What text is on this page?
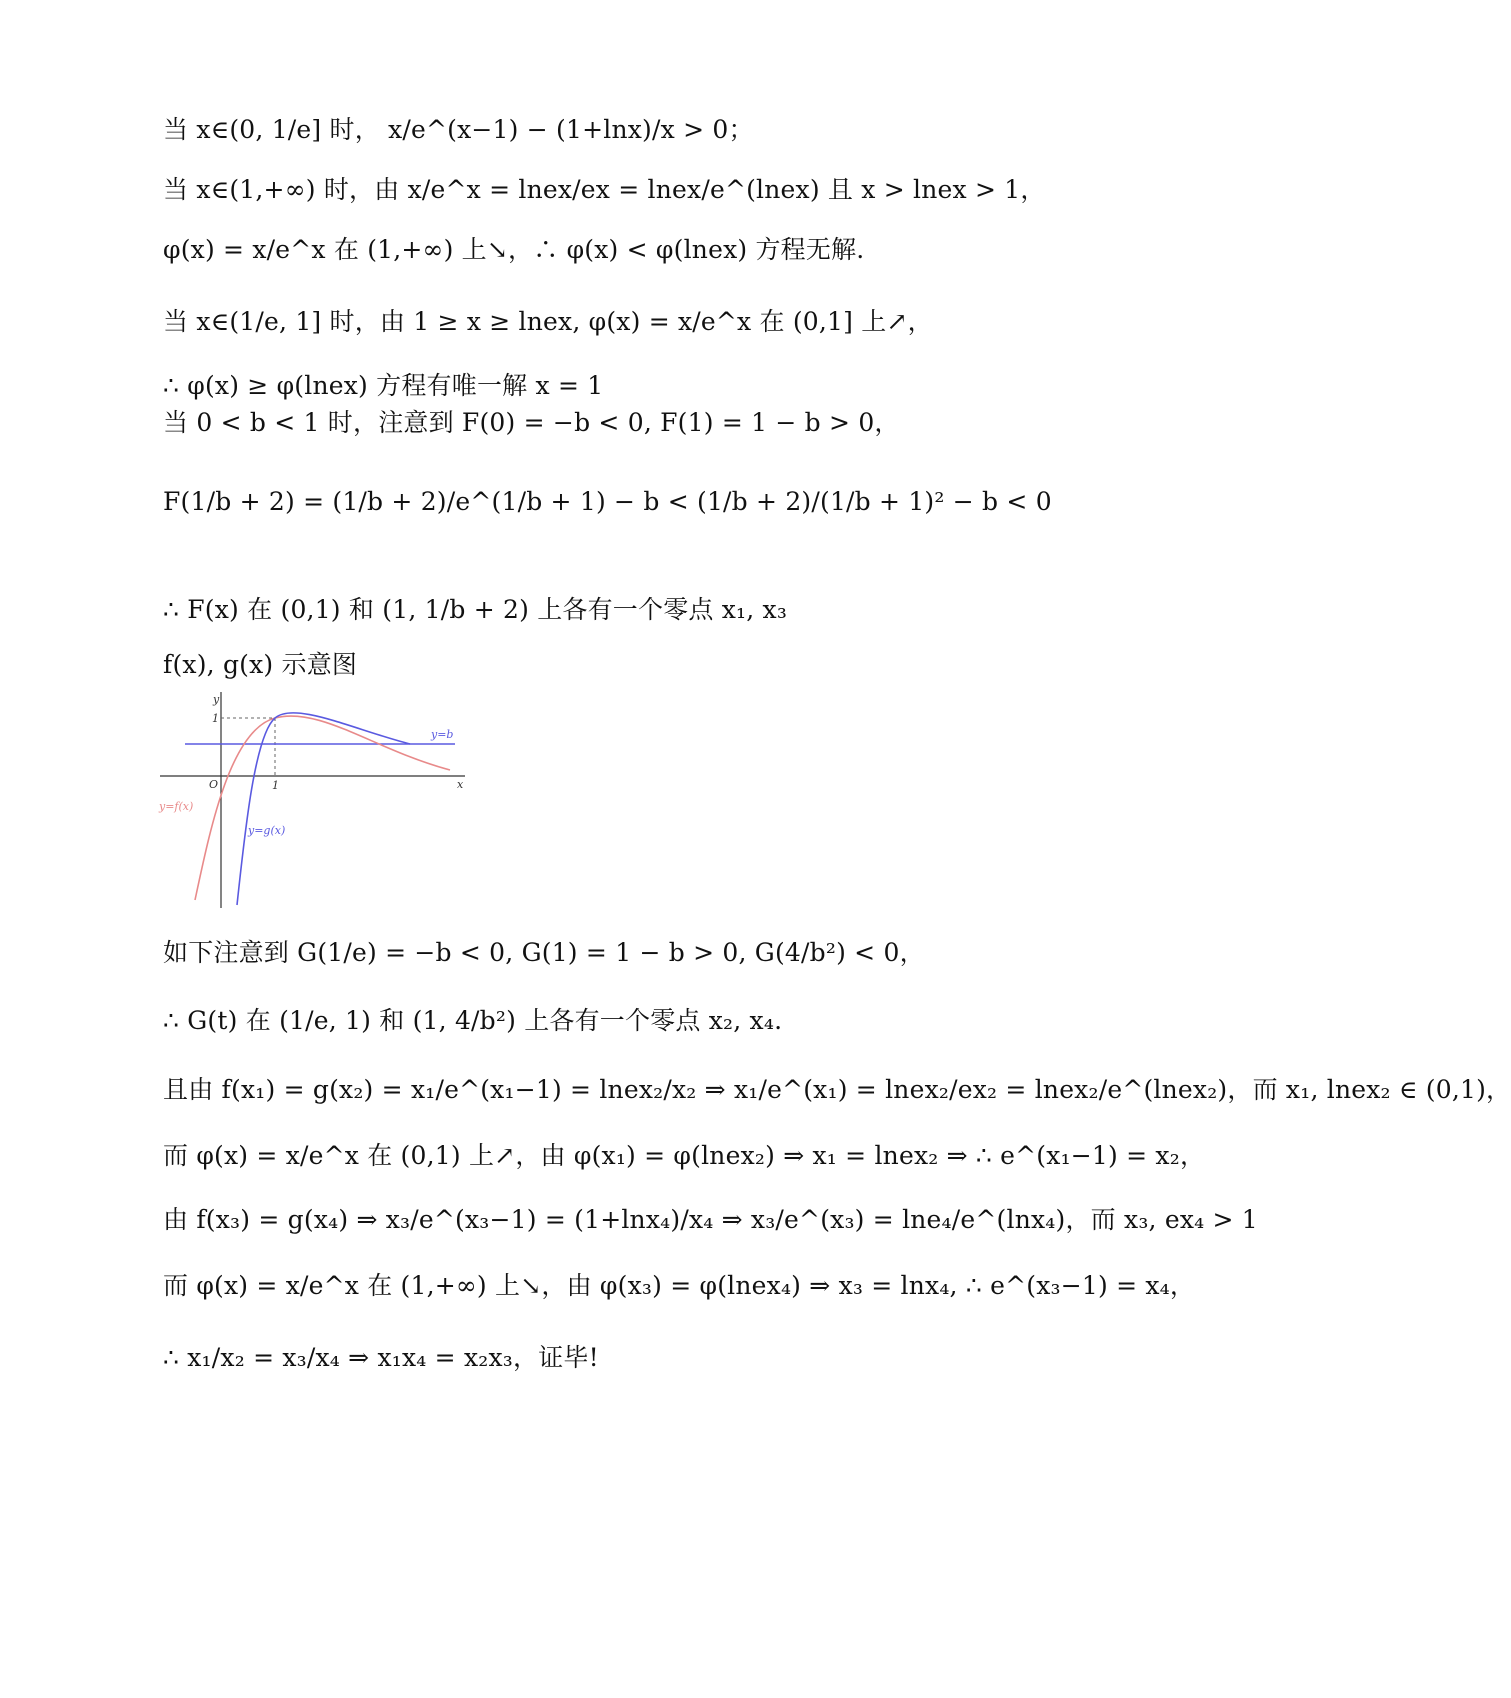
当 x∈(0, 1/e] 时， x/e^(x−1) − (1+lnx)/x > 0；
当 x∈(1,+∞) 时，由 x/e^x = lnex/ex = lnex/e^(lnex) 且 x > lnex > 1，
φ(x) = x/e^x 在 (1,+∞) 上↘，∴ φ(x) < φ(lnex) 方程无解.
当 x∈(1/e, 1] 时，由 1 ≥ x ≥ lnex, φ(x) = x/e^x 在 (0,1] 上↗，
∴ φ(x) ≥ φ(lnex) 方程有唯一解 x = 1
当 0 < b < 1 时，注意到 F(0) = −b < 0, F(1) = 1 − b > 0，
F(1/b + 2) = (1/b + 2)/e^(1/b + 1) − b < (1/b + 2)/(1/b + 1)² − b < 0
∴ F(x) 在 (0,1) 和 (1, 1/b + 2) 上各有一个零点 x₁, x₃
f(x), g(x) 示意图
y
x
O	1
1
y=b
y=f(x)
y=g(x)
如下注意到 G(1/e) = −b < 0, G(1) = 1 − b > 0, G(4/b²) < 0，
∴ G(t) 在 (1/e, 1) 和 (1, 4/b²) 上各有一个零点 x₂, x₄.
且由 f(x₁) = g(x₂) = x₁/e^(x₁−1) = lnex₂/x₂ ⇒ x₁/e^(x₁) = lnex₂/ex₂ = lnex₂/e^(lnex₂)，而 x₁, lnex₂ ∈ (0,1)，
而 φ(x) = x/e^x 在 (0,1) 上↗，由 φ(x₁) = φ(lnex₂) ⇒ x₁ = lnex₂ ⇒ ∴ e^(x₁−1) = x₂，
由 f(x₃) = g(x₄) ⇒ x₃/e^(x₃−1) = (1+lnx₄)/x₄ ⇒ x₃/e^(x₃) = lne₄/e^(lnx₄)，而 x₃, ex₄ > 1
而 φ(x) = x/e^x 在 (1,+∞) 上↘，由 φ(x₃) = φ(lnex₄) ⇒ x₃ = lnx₄, ∴ e^(x₃−1) = x₄，
∴ x₁/x₂ = x₃/x₄ ⇒ x₁x₄ = x₂x₃，证毕!
